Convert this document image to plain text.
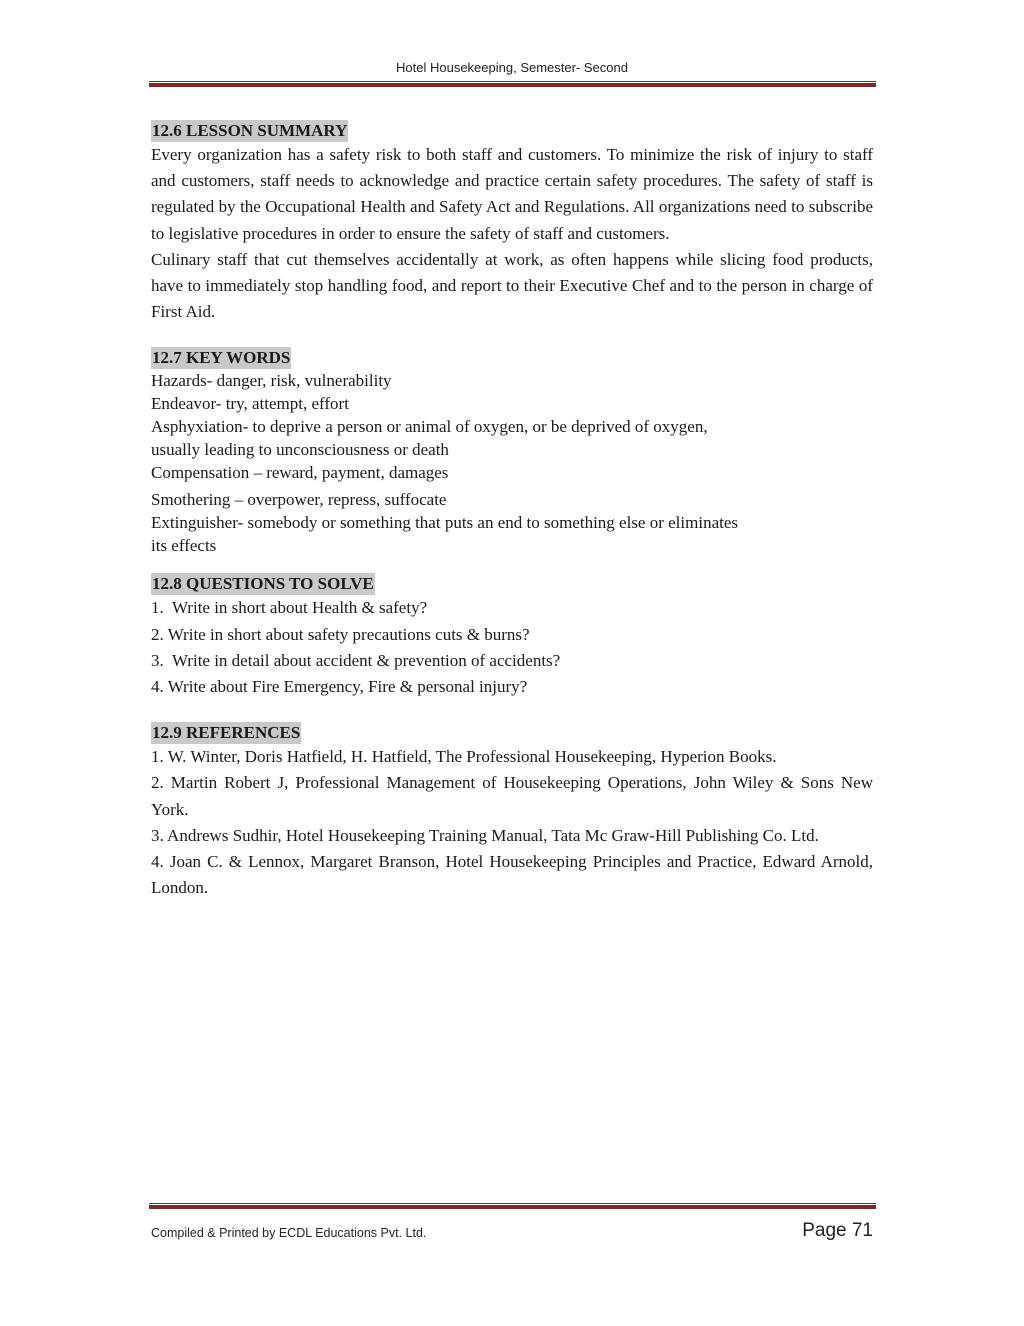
Hotel Housekeeping, Semester- Second
12.6 LESSON SUMMARY

Every organization has a safety risk to both staff and customers. To minimize the risk of injury to staff and customers, staff needs to acknowledge and practice certain safety procedures. The safety of staff is regulated by the Occupational Health and Safety Act and Regulations. All organizations need to subscribe to legislative procedures in order to ensure the safety of staff and customers.

Culinary staff that cut themselves accidentally at work, as often happens while slicing food products, have to immediately stop handling food, and report to their Executive Chef and to the person in charge of First Aid.

12.7 KEY WORDS

Hazards- danger, risk, vulnerability

Endeavor- try, attempt, effort

Asphyxiation- to deprive a person or animal of oxygen, or be deprived of oxygen,

usually leading to unconsciousness or death

Compensation – reward, payment, damages

Smothering – overpower, repress, suffocate

Extinguisher- somebody or something that puts an end to something else or eliminates

its effects

12.8 QUESTIONS TO SOLVE

1.  Write in short about Health & safety?

2. Write in short about safety precautions cuts & burns?

3.  Write in detail about accident & prevention of accidents?

4. Write about Fire Emergency, Fire & personal injury?

12.9 REFERENCES

1. W. Winter, Doris Hatfield, H. Hatfield, The Professional Housekeeping, Hyperion Books.

2. Martin Robert J, Professional Management of Housekeeping Operations, John Wiley & Sons New York.

3. Andrews Sudhir, Hotel Housekeeping Training Manual, Tata Mc Graw-Hill Publishing Co. Ltd.

4. Joan C. & Lennox, Margaret Branson, Hotel Housekeeping Principles and Practice, Edward Arnold, London.

Compiled & Printed by ECDL Educations Pvt. Ltd.	Page 71
